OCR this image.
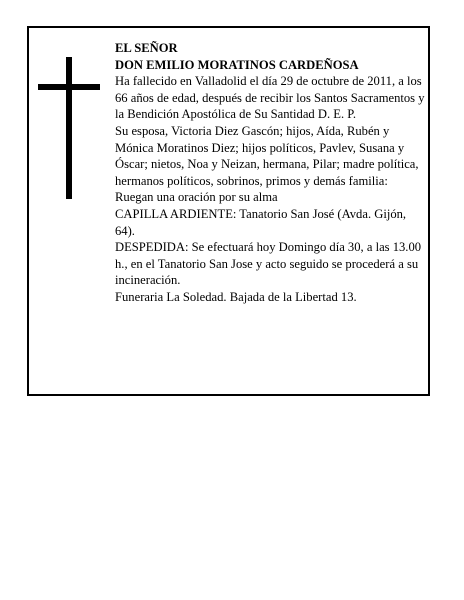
EL SEÑOR

DON EMILIO MORATINOS CARDEÑOSA

Ha fallecido en Valladolid el día 29 de octubre de 2011, a los 66 años de edad, después de recibir los Santos Sacramentos y la Bendición Apostólica de Su Santidad D. E. P.

Su esposa, Victoria Diez Gascón; hijos, Aída, Rubén y Mónica Moratinos Diez; hijos políticos, Pavlev, Susana y Óscar; nietos, Noa y Neizan, hermana, Pilar; madre política, hermanos políticos, sobrinos, primos y demás familia:

Ruegan una oración por su alma

CAPILLA ARDIENTE: Tanatorio San José (Avda. Gijón, 64).

DESPEDIDA: Se efectuará hoy Domingo día 30, a las 13.00 h., en el Tanatorio San Jose y acto seguido se procederá a su incineración.

Funeraria La Soledad. Bajada de la Libertad 13.
